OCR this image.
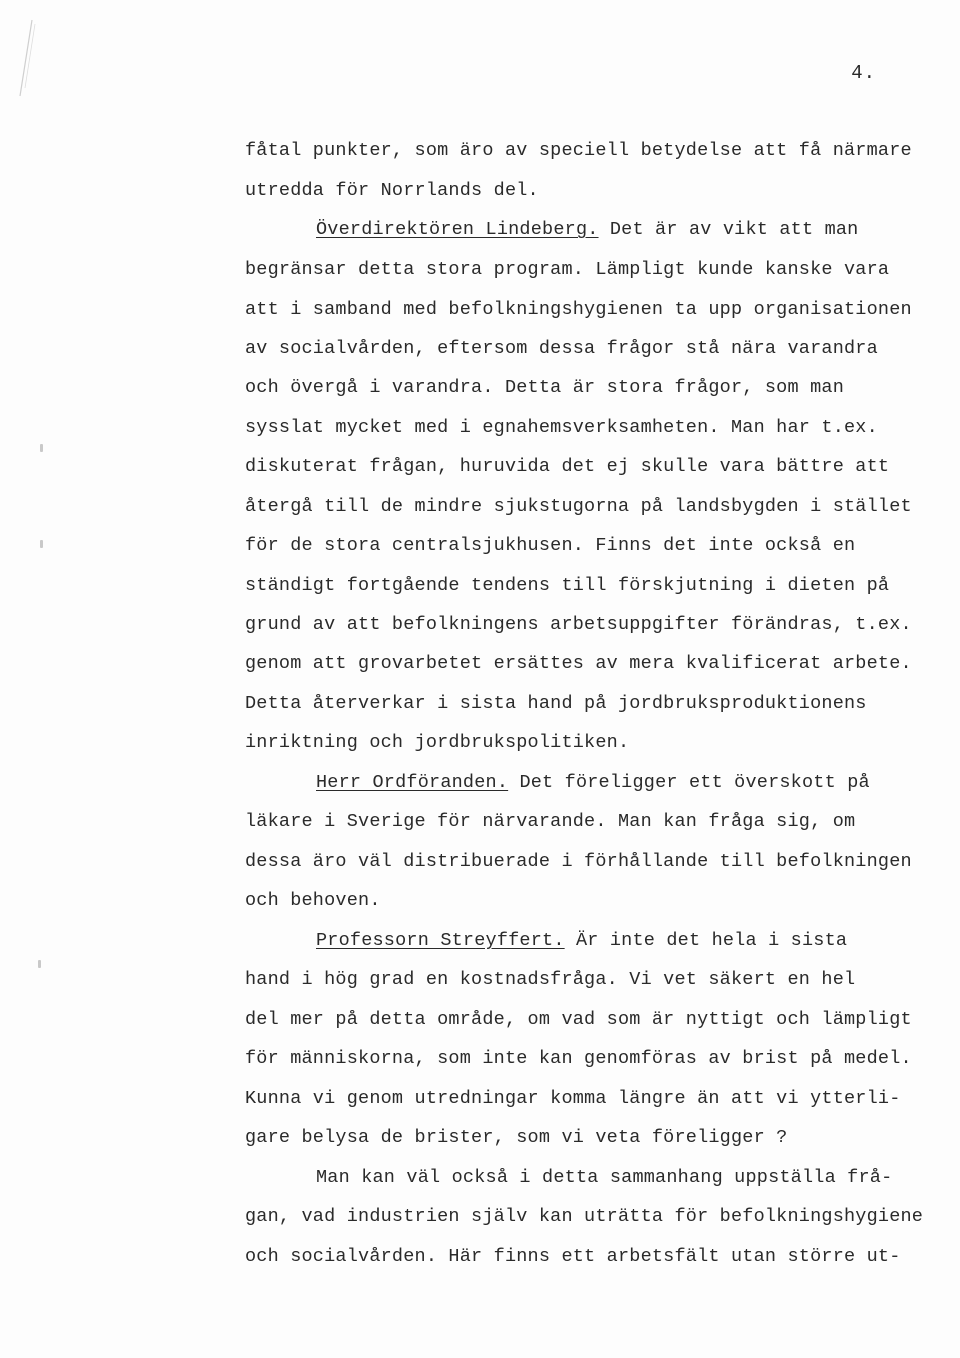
4.
fåtal punkter, som äro av speciell betydelse att få närmare
utredda för Norrlands del.
Överdirektören Lindeberg. Det är av vikt att man
begränsar detta stora program. Lämpligt kunde kanske vara
att i samband med befolkningshygienen ta upp organisationen
av socialvården, eftersom dessa frågor stå nära varandra
och övergå i varandra. Detta är stora frågor, som man
sysslat mycket med i egnahemsverksamheten. Man har t.ex.
diskuterat frågan, huruvida det ej skulle vara bättre att
återgå till de mindre sjukstugorna på landsbygden i stället
för de stora centralsjukhusen. Finns det inte också en
ständigt fortgående tendens till förskjutning i dieten på
grund av att befolkningens arbetsuppgifter förändras, t.ex.
genom att grovarbetet ersättes av mera kvalificerat arbete.
Detta återverkar i sista hand på jordbruksproduktionens
inriktning och jordbrukspolitiken.
Herr Ordföranden. Det föreligger ett överskott på
läkare i Sverige för närvarande. Man kan fråga sig, om
dessa äro väl distribuerade i förhållande till befolkningen
och behoven.
Professorn Streyffert. Är inte det hela i sista
hand i hög grad en kostnadsfråga. Vi vet säkert en hel
del mer på detta område, om vad som är nyttigt och lämpligt
för människorna, som inte kan genomföras av brist på medel.
Kunna vi genom utredningar komma längre än att vi ytterli-
gare belysa de brister, som vi veta föreligger ?
Man kan väl också i detta sammanhang uppställa frå-
gan, vad industrien själv kan uträtta för befolkningshygiene
och socialvården. Här finns ett arbetsfält utan större ut-
